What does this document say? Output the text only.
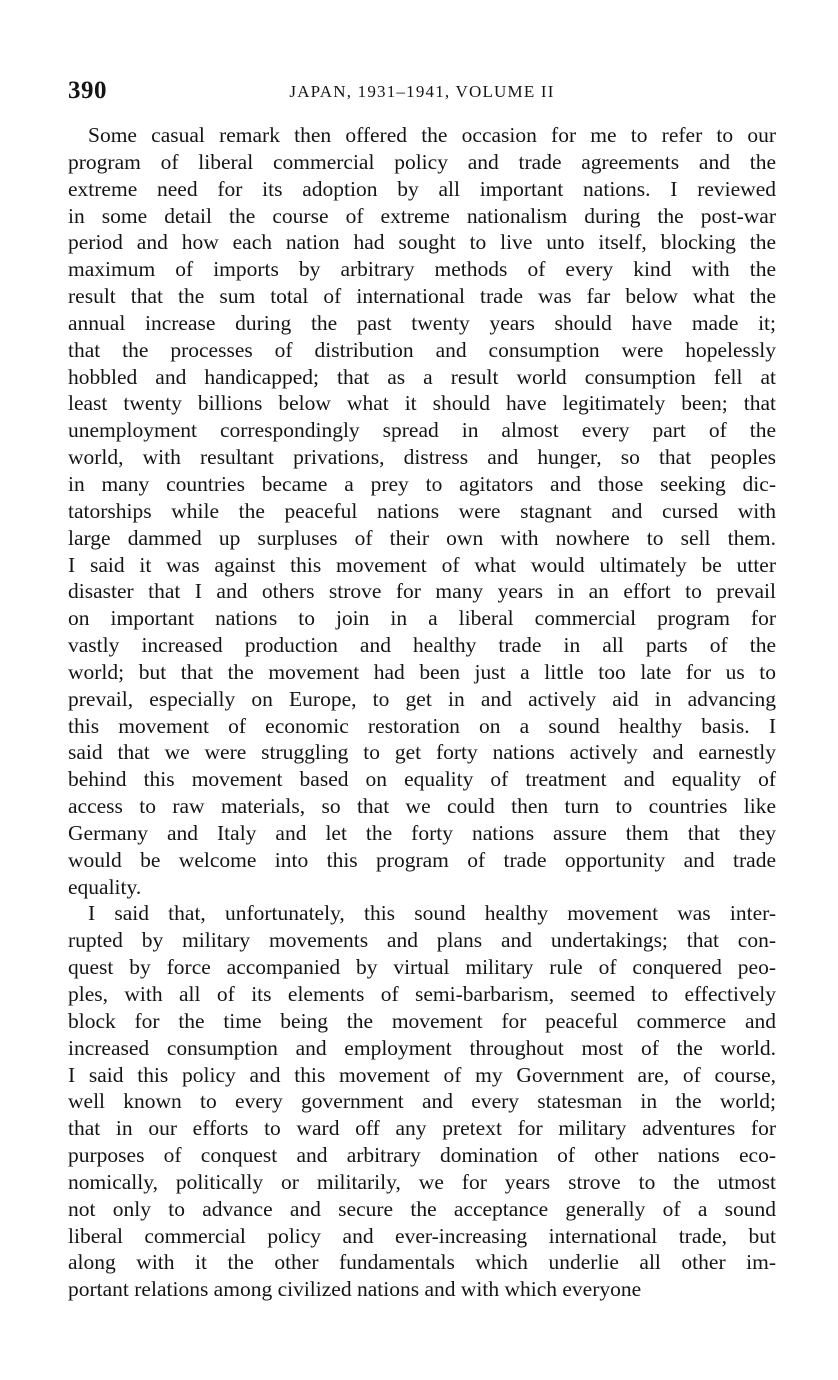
390	JAPAN, 1931–1941, VOLUME II
Some casual remark then offered the occasion for me to refer to our
program of liberal commercial policy and trade agreements and the
extreme need for its adoption by all important nations. I reviewed
in some detail the course of extreme nationalism during the post-war
period and how each nation had sought to live unto itself, blocking the
maximum of imports by arbitrary methods of every kind with the
result that the sum total of international trade was far below what the
annual increase during the past twenty years should have made it;
that the processes of distribution and consumption were hopelessly
hobbled and handicapped; that as a result world consumption fell at
least twenty billions below what it should have legitimately been; that
unemployment correspondingly spread in almost every part of the
world, with resultant privations, distress and hunger, so that peoples
in many countries became a prey to agitators and those seeking dic-
tatorships while the peaceful nations were stagnant and cursed with
large dammed up surpluses of their own with nowhere to sell them.
I said it was against this movement of what would ultimately be utter
disaster that I and others strove for many years in an effort to prevail
on important nations to join in a liberal commercial program for
vastly increased production and healthy trade in all parts of the
world; but that the movement had been just a little too late for us to
prevail, especially on Europe, to get in and actively aid in advancing
this movement of economic restoration on a sound healthy basis. I
said that we were struggling to get forty nations actively and earnestly
behind this movement based on equality of treatment and equality of
access to raw materials, so that we could then turn to countries like
Germany and Italy and let the forty nations assure them that they
would be welcome into this program of trade opportunity and trade
equality.
I said that, unfortunately, this sound healthy movement was inter-
rupted by military movements and plans and undertakings; that con-
quest by force accompanied by virtual military rule of conquered peo-
ples, with all of its elements of semi-barbarism, seemed to effectively
block for the time being the movement for peaceful commerce and
increased consumption and employment throughout most of the world.
I said this policy and this movement of my Government are, of course,
well known to every government and every statesman in the world;
that in our efforts to ward off any pretext for military adventures for
purposes of conquest and arbitrary domination of other nations eco-
nomically, politically or militarily, we for years strove to the utmost
not only to advance and secure the acceptance generally of a sound
liberal commercial policy and ever-increasing international trade, but
along with it the other fundamentals which underlie all other im-
portant relations among civilized nations and with which everyone
